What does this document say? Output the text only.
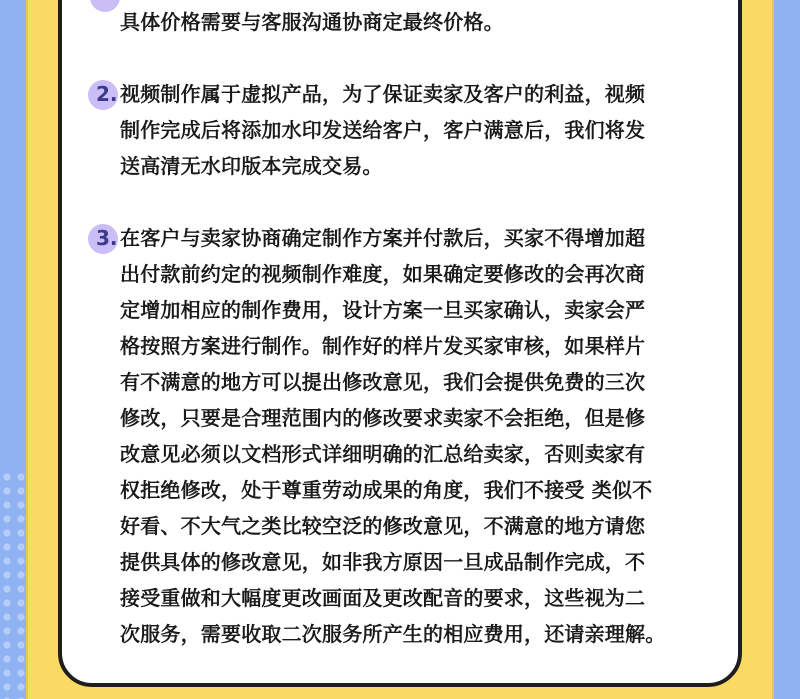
具体价格需要与客服沟通协商定最终价格。
2. 视频制作属于虚拟产品，为了保证卖家及客户的利益，视频
制作完成后将添加水印发送给客户，客户满意后，我们将发
送高清无水印版本完成交易。
3. 在客户与卖家协商确定制作方案并付款后，买家不得增加超
出付款前约定的视频制作难度，如果确定要修改的会再次商
定增加相应的制作费用，设计方案一旦买家确认，卖家会严
格按照方案进行制作。制作好的样片发买家审核，如果样片
有不满意的地方可以提出修改意见，我们会提供免费的三次
修改，只要是合理范围内的修改要求卖家不会拒绝，但是修
改意见必须以文档形式详细明确的汇总给卖家，否则卖家有
权拒绝修改，处于尊重劳动成果的角度，我们不接受 类似不
好看、不大气之类比较空泛的修改意见，不满意的地方请您
提供具体的修改意见，如非我方原因一旦成品制作完成，不
接受重做和大幅度更改画面及更改配音的要求，这些视为二
次服务，需要收取二次服务所产生的相应费用，还请亲理解。
